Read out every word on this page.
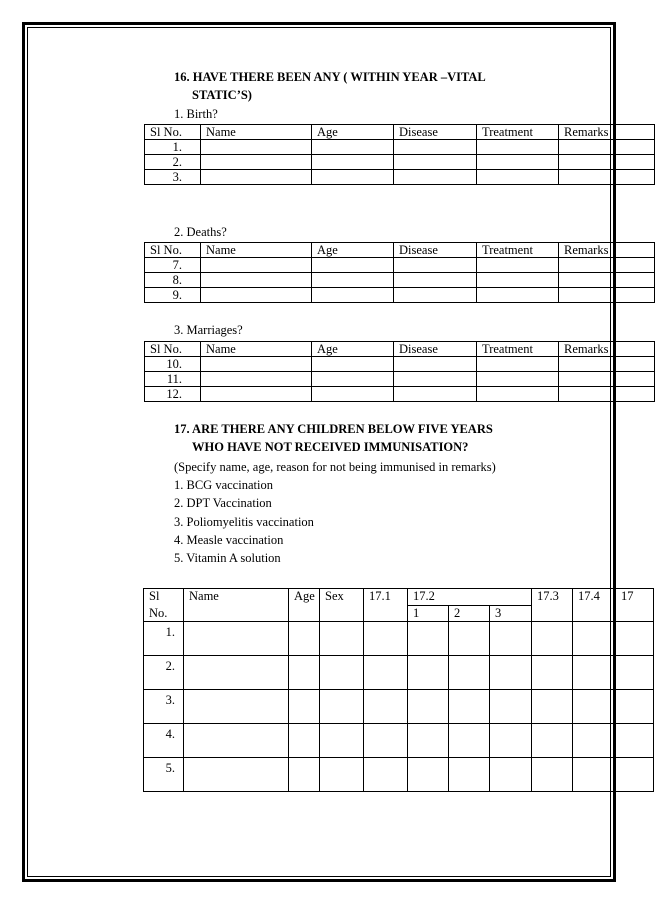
16. HAVE THERE BEEN ANY ( WITHIN YEAR –VITAL
STATIC’S)
1. Birth?
Sl No.	Name	Age	Disease	Treatment	Remarks	
1.						
2.						
3.						
2. Deaths?
Sl No.	Name	Age	Disease	Treatment	Remarks	
7.						
8.						
9.						
3. Marriages?
Sl No.	Name	Age	Disease	Treatment	Remarks	
10.						
11.						
12.						
17. ARE THERE ANY CHILDREN BELOW FIVE YEARS
WHO HAVE NOT RECEIVED IMMUNISATION?
(Specify name, age, reason for not being immunised in remarks)
1. BCG vaccination
2. DPT Vaccination
3. Poliomyelitis vaccination
4. Measle vaccination
5. Vitamin A solution
Sl	Name	Age	Sex	17.1	17.2			17.3	17.4		17
No.					1	2	3				
1.											
2.											
3.											
4.											
5.											
